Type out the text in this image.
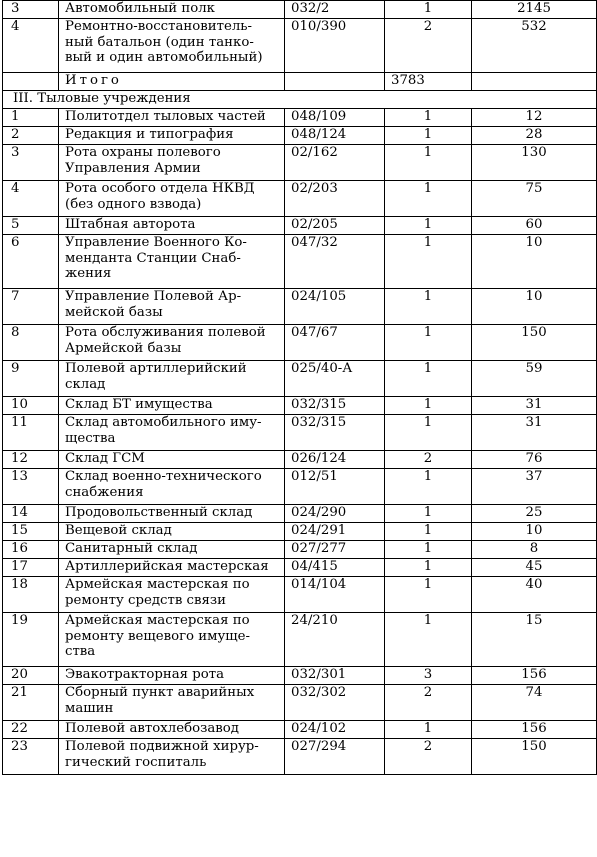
3	Автомобильный полк	032/2	1	2145
4	Ремонтно-восстановитель-
ный батальон (один танко-
вый и один автомобильный)	010/390	2	532
	Итого		3783	
III. Тыловые учреждения				
1	Политотдел тыловых частей	048/109	1	12
2	Редакция и типография	048/124	1	28
3	Рота охраны полевого
Управления Армии	02/162	1	130
4	Рота особого отдела НКВД
(без одного взвода)	02/203	1	75
5	Штабная авторота	02/205	1	60
6	Управление Военного Ко-
менданта Станции Снаб-
жения	047/32	1	10
7	Управление Полевой Ар-
мейской базы	024/105	1	10
8	Рота обслуживания полевой
Армейской базы	047/67	1	150
9	Полевой артиллерийский
склад	025/40-А	1	59
10	Склад БТ имущества	032/315	1	31
11	Склад автомобильного иму-
щества	032/315	1	31
12	Склад ГСМ	026/124	2	76
13	Склад военно-технического
снабжения	012/51	1	37
14	Продовольственный склад	024/290	1	25
15	Вещевой склад	024/291	1	10
16	Санитарный склад	027/277	1	8
17	Артиллерийская мастерская	04/415	1	45
18	Армейская мастерская по
ремонту средств связи	014/104	1	40
19	Армейская мастерская по
ремонту вещевого имуще-
ства	24/210	1	15
20	Эвакотракторная рота	032/301	3	156
21	Сборный пункт аварийных
машин	032/302	2	74
22	Полевой автохлебозавод	024/102	1	156
23	Полевой подвижной хирур-
гический госпиталь	027/294	2	150
